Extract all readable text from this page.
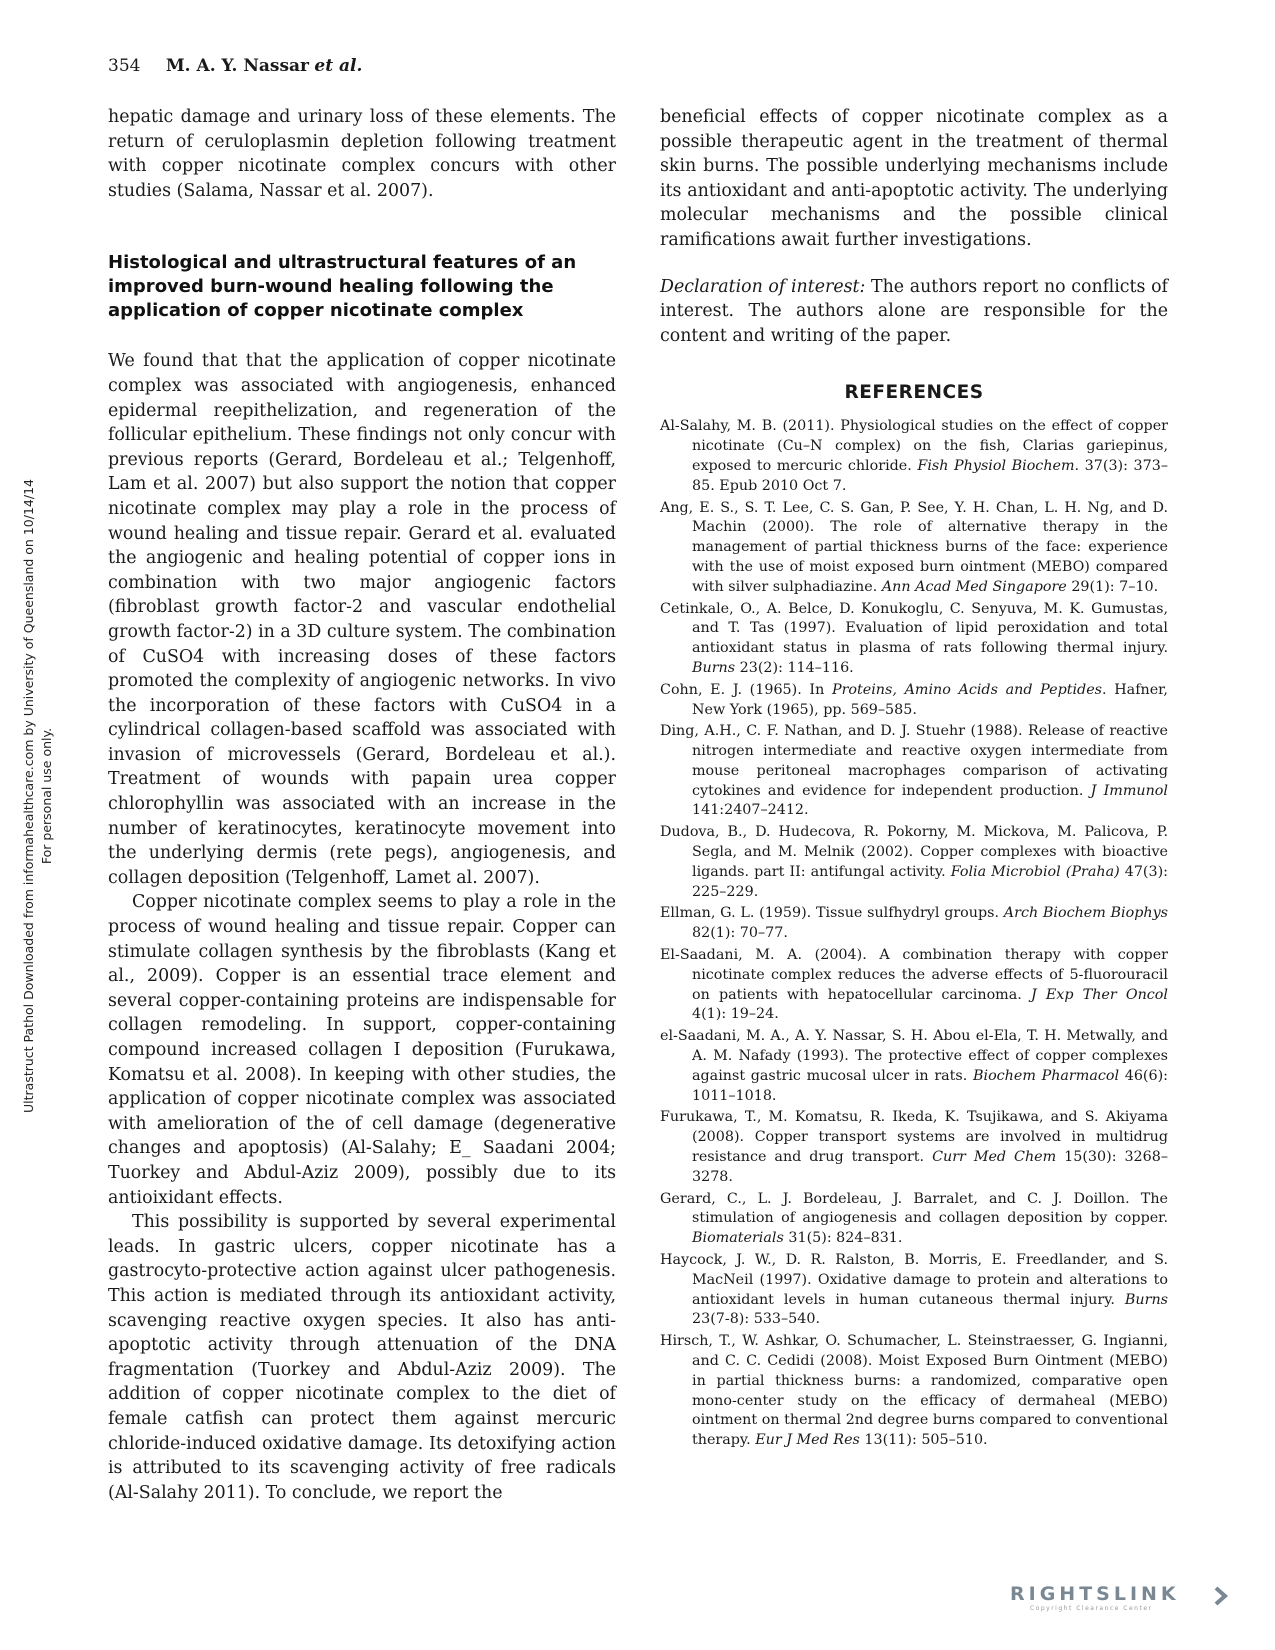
354 M. A. Y. Nassar et al.
Ultrastruct Pathol Downloaded from informahealthcare.com by University of Queensland on 10/14/14 For personal use only.

hepatic damage and urinary loss of these elements. The return of ceruloplasmin depletion following treatment with copper nicotinate complex concurs with other studies (Salama, Nassar et al. 2007).

Histological and ultrastructural features of an improved burn-wound healing following the application of copper nicotinate complex

We found that that the application of copper nicotinate complex was associated with angiogenesis, enhanced epidermal reepithelization, and regeneration of the follicular epithelium. These findings not only concur with previous reports (Gerard, Bordeleau et al.; Telgenhoff, Lam et al. 2007) but also support the notion that copper nicotinate complex may play a role in the process of wound healing and tissue repair. Gerard et al. evaluated the angiogenic and healing potential of copper ions in combination with two major angiogenic factors (fibroblast growth factor-2 and vascular endothelial growth factor-2) in a 3D culture system. The combination of CuSO4 with increasing doses of these factors promoted the complexity of angiogenic networks. In vivo the incorporation of these factors with CuSO4 in a cylindrical collagen-based scaffold was associated with invasion of microvessels (Gerard, Bordeleau et al.). Treatment of wounds with papain urea copper chlorophyllin was associated with an increase in the number of keratinocytes, keratinocyte movement into the underlying dermis (rete pegs), angiogenesis, and collagen deposition (Telgenhoff, Lamet al. 2007).

Copper nicotinate complex seems to play a role in the process of wound healing and tissue repair. Copper can stimulate collagen synthesis by the fibroblasts (Kang et al., 2009). Copper is an essential trace element and several copper-containing proteins are indispensable for collagen remodeling. In support, copper-containing compound increased collagen I deposition (Furukawa, Komatsu et al. 2008). In keeping with other studies, the application of copper nicotinate complex was associated with amelioration of the of cell damage (degenerative changes and apoptosis) (Al-Salahy; E_ Saadani 2004; Tuorkey and Abdul-Aziz 2009), possibly due to its antioixidant effects.

This possibility is supported by several experimental leads. In gastric ulcers, copper nicotinate has a gastrocyto-protective action against ulcer pathogenesis. This action is mediated through its antioxidant activity, scavenging reactive oxygen species. It also has anti-apoptotic activity through attenuation of the DNA fragmentation (Tuorkey and Abdul-Aziz 2009). The addition of copper nicotinate complex to the diet of female catfish can protect them against mercuric chloride-induced oxidative damage. Its detoxifying action is attributed to its scavenging activity of free radicals (Al-Salahy 2011). To conclude, we report the

beneficial effects of copper nicotinate complex as a possible therapeutic agent in the treatment of thermal skin burns. The possible underlying mechanisms include its antioxidant and anti-apoptotic activity. The underlying molecular mechanisms and the possible clinical ramifications await further investigations.

Declaration of interest: The authors report no conflicts of interest. The authors alone are responsible for the content and writing of the paper.

REFERENCES

Al-Salahy, M. B. (2011). Physiological studies on the effect of copper nicotinate (Cu–N complex) on the fish, Clarias gariepinus, exposed to mercuric chloride. Fish Physiol Biochem. 37(3): 373–85. Epub 2010 Oct 7.

Ang, E. S., S. T. Lee, C. S. Gan, P. See, Y. H. Chan, L. H. Ng, and D. Machin (2000). The role of alternative therapy in the management of partial thickness burns of the face: experience with the use of moist exposed burn ointment (MEBO) compared with silver sulphadiazine. Ann Acad Med Singapore 29(1): 7–10.

Cetinkale, O., A. Belce, D. Konukoglu, C. Senyuva, M. K. Gumustas, and T. Tas (1997). Evaluation of lipid peroxidation and total antioxidant status in plasma of rats following thermal injury. Burns 23(2): 114–116.

Cohn, E. J. (1965). In Proteins, Amino Acids and Peptides. Hafner, New York (1965), pp. 569–585.

Ding, A.H., C. F. Nathan, and D. J. Stuehr (1988). Release of reactive nitrogen intermediate and reactive oxygen intermediate from mouse peritoneal macrophages comparison of activating cytokines and evidence for independent production. J Immunol 141:2407–2412.

Dudova, B., D. Hudecova, R. Pokorny, M. Mickova, M. Palicova, P. Segla, and M. Melnik (2002). Copper complexes with bioactive ligands. part II: antifungal activity. Folia Microbiol (Praha) 47(3): 225–229.

Ellman, G. L. (1959). Tissue sulfhydryl groups. Arch Biochem Biophys 82(1): 70–77.

El-Saadani, M. A. (2004). A combination therapy with copper nicotinate complex reduces the adverse effects of 5-fluorouracil on patients with hepatocellular carcinoma. J Exp Ther Oncol 4(1): 19–24.

el-Saadani, M. A., A. Y. Nassar, S. H. Abou el-Ela, T. H. Metwally, and A. M. Nafady (1993). The protective effect of copper complexes against gastric mucosal ulcer in rats. Biochem Pharmacol 46(6): 1011–1018.

Furukawa, T., M. Komatsu, R. Ikeda, K. Tsujikawa, and S. Akiyama (2008). Copper transport systems are involved in multidrug resistance and drug transport. Curr Med Chem 15(30): 3268–3278.

Gerard, C., L. J. Bordeleau, J. Barralet, and C. J. Doillon. The stimulation of angiogenesis and collagen deposition by copper. Biomaterials 31(5): 824–831.

Haycock, J. W., D. R. Ralston, B. Morris, E. Freedlander, and S. MacNeil (1997). Oxidative damage to protein and alterations to antioxidant levels in human cutaneous thermal injury. Burns 23(7-8): 533–540.

Hirsch, T., W. Ashkar, O. Schumacher, L. Steinstraesser, G. Ingianni, and C. C. Cedidi (2008). Moist Exposed Burn Ointment (MEBO) in partial thickness burns: a randomized, comparative open mono-center study on the efficacy of dermaheal (MEBO) ointment on thermal 2nd degree burns compared to conventional therapy. Eur J Med Res 13(11): 505–510.

RIGHTSLINK
Copyright Clearance Center
